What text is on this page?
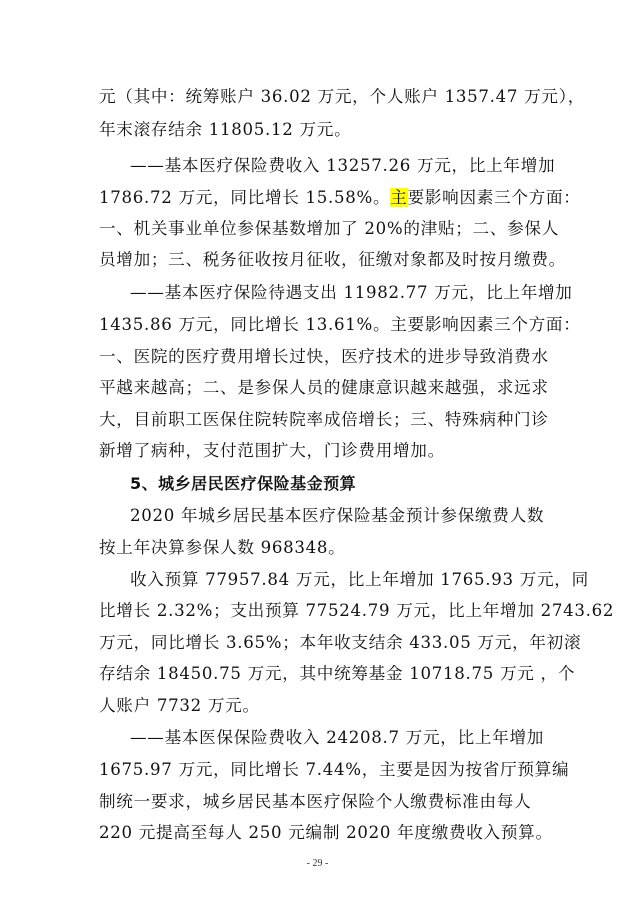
元（其中：统筹账户 36.02 万元，个人账户 1357.47 万元），
年末滚存结余 11805.12 万元。
——基本医疗保险费收入 13257.26 万元，比上年增加
1786.72 万元，同比增长 15.58%。主要影响因素三个方面：
一、机关事业单位参保基数增加了 20%的津贴；二、参保人
员增加；三、税务征收按月征收，征缴对象都及时按月缴费。
——基本医疗保险待遇支出 11982.77 万元，比上年增加
1435.86 万元，同比增长 13.61%。主要影响因素三个方面：
一、医院的医疗费用增长过快，医疗技术的进步导致消费水
平越来越高；二、是参保人员的健康意识越来越强，求远求
大，目前职工医保住院转院率成倍增长；三、特殊病种门诊
新增了病种，支付范围扩大，门诊费用增加。
5、城乡居民医疗保险基金预算
2020 年城乡居民基本医疗保险基金预计参保缴费人数
按上年决算参保人数 968348。
收入预算 77957.84 万元，比上年增加 1765.93 万元，同
比增长 2.32%；支出预算 77524.79 万元，比上年增加 2743.62
万元，同比增长 3.65%；本年收支结余 433.05 万元，年初滚
存结余 18450.75 万元，其中统筹基金 10718.75 万元 ，个
人账户 7732 万元。
——基本医保保险费收入 24208.7 万元，比上年增加
1675.97 万元，同比增长 7.44%，主要是因为按省厅预算编
制统一要求，城乡居民基本医疗保险个人缴费标准由每人
220 元提高至每人 250 元编制 2020 年度缴费收入预算。
- 29 -
